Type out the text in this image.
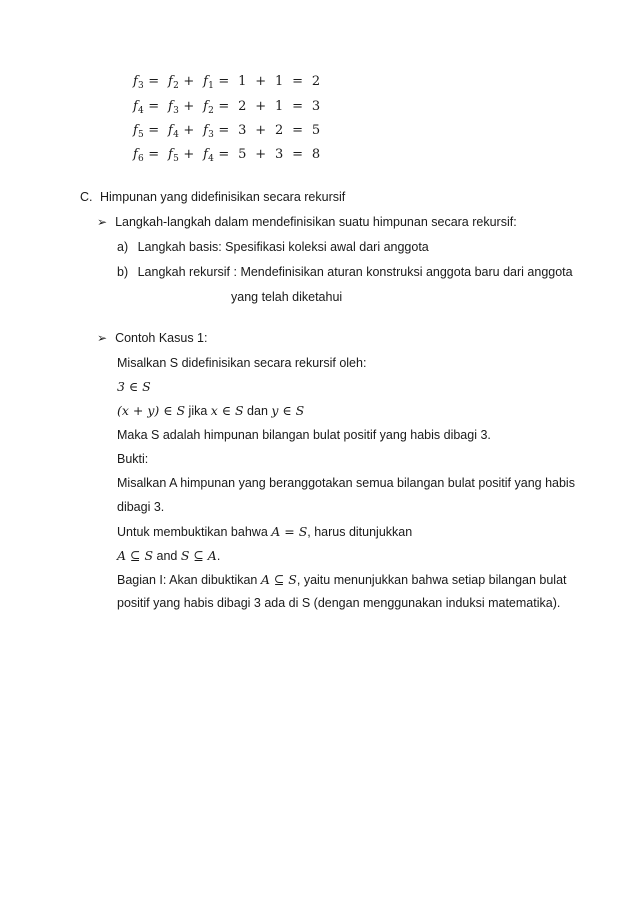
$f_3 = f_2 + f_1 = 1 + 1 = 2$
$f_4 = f_3 + f_2 = 2 + 1 = 3$
$f_5 = f_4 + f_3 = 3 + 2 = 5$
$f_6 = f_5 + f_4 = 5 + 3 = 8$
C. Himpunan yang didefinisikan secara rekursif
➢ Langkah-langkah dalam mendefinisikan suatu himpunan secara rekursif:
a) Langkah basis: Spesifikasi koleksi awal dari anggota
b) Langkah rekursif : Mendefinisikan aturan konstruksi anggota baru dari anggota
yang telah diketahui
➢ Contoh Kasus 1:
Misalkan S didefinisikan secara rekursif oleh:
3 ∈ S
(x + y) ∈ S jika x ∈ S dan y ∈ S
Maka S adalah himpunan bilangan bulat positif yang habis dibagi 3.
Bukti:
Misalkan A himpunan yang beranggotakan semua bilangan bulat positif yang habis
dibagi 3.
Untuk membuktikan bahwa A = S, harus ditunjukkan
A ⊆ S and S ⊆ A.
Bagian I: Akan dibuktikan A ⊆ S, yaitu menunjukkan bahwa setiap bilangan bulat
positif yang habis dibagi 3 ada di S (dengan menggunakan induksi matematika).
